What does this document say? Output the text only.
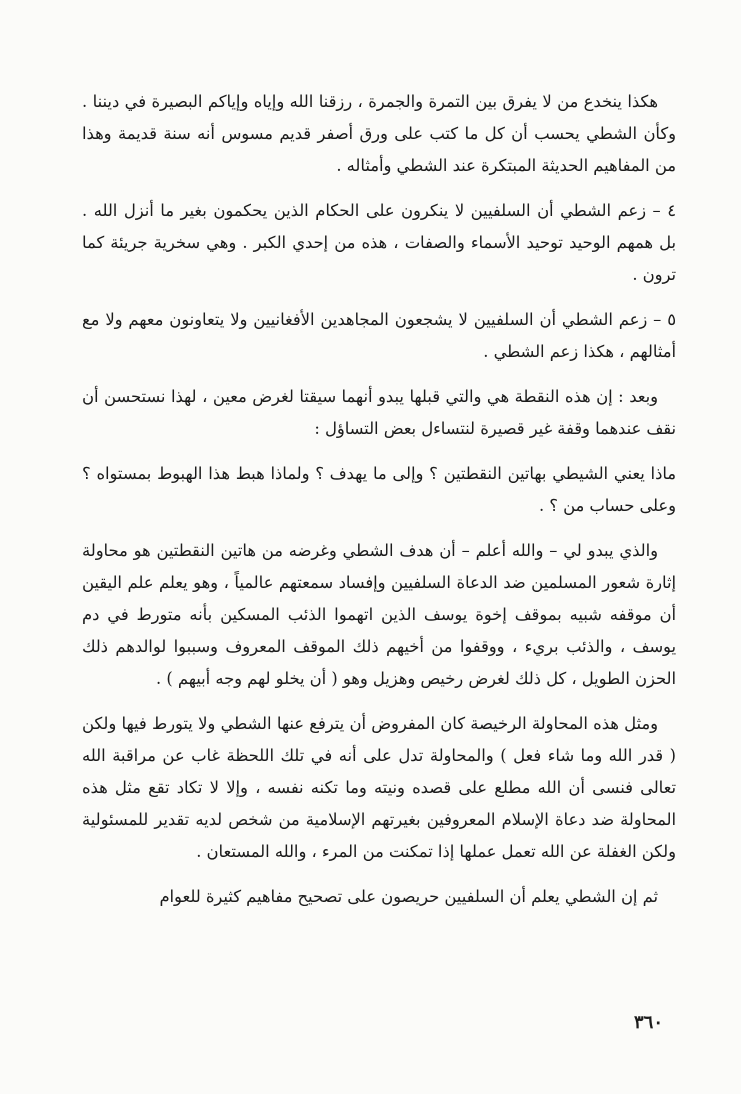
هكذا ينخدع من لا يفرق بين التمرة والجمرة ، رزقنا الله وإياه وإياكم البصيرة في ديننا . وكأن الشطي يحسب أن كل ما كتب على ورق أصفر قديم مسوس أنه سنة قديمة وهذا من المفاهيم الحديثة المبتكرة عند الشطي وأمثاله .

٤ – زعم الشطي أن السلفيين لا ينكرون على الحكام الذين يحكمون بغير ما أنزل الله . بل همهم الوحيد توحيد الأسماء والصفات ، هذه من إحدي الكبر . وهي سخرية جريئة كما ترون .

٥ – زعم الشطي أن السلفيين لا يشجعون المجاهدين الأفغانيين ولا يتعاونون معهم ولا مع أمثالهم ، هكذا زعم الشطي .

وبعد : إن هذه النقطة هي والتي قبلها يبدو أنهما سيقتا لغرض معين ، لهذا نستحسن أن نقف عندهما وقفة غير قصيرة لنتساءل بعض التساؤل :

ماذا يعني الشيطي بهاتين النقطتين ؟ وإلى ما يهدف ؟ ولماذا هبط هذا الهبوط بمستواه ؟ وعلى حساب من ؟ .

والذي يبدو لي – والله أعلم – أن هدف الشطي وغرضه من هاتين النقطتين هو محاولة إثارة شعور المسلمين ضد الدعاة السلفيين وإفساد سمعتهم عالمياً ، وهو يعلم علم اليقين أن موقفه شبيه بموقف إخوة يوسف الذين اتهموا الذئب المسكين بأنه متورط في دم يوسف ، والذئب بريء ، ووقفوا من أخيهم ذلك الموقف المعروف وسببوا لوالدهم ذلك الحزن الطويل ، كل ذلك لغرض رخيص وهزيل وهو ( أن يخلو لهم وجه أبيهم ) .

ومثل هذه المحاولة الرخيصة كان المفروض أن يترفع عنها الشطي ولا يتورط فيها ولكن ( قدر الله وما شاء فعل ) والمحاولة تدل على أنه في تلك اللحظة غاب عن مراقبة الله تعالى فنسى أن الله مطلع على قصده ونيته وما تكنه نفسه ، وإلا لا تكاد تقع مثل هذه المحاولة ضد دعاة الإسلام المعروفين بغيرتهم الإسلامية من شخص لديه تقدير للمسئولية ولكن الغفلة عن الله تعمل عملها إذا تمكنت من المرء ، والله المستعان .

ثم إن الشطي يعلم أن السلفيين حريصون على تصحيح مفاهيم كثيرة للعوام

٣٦٠
